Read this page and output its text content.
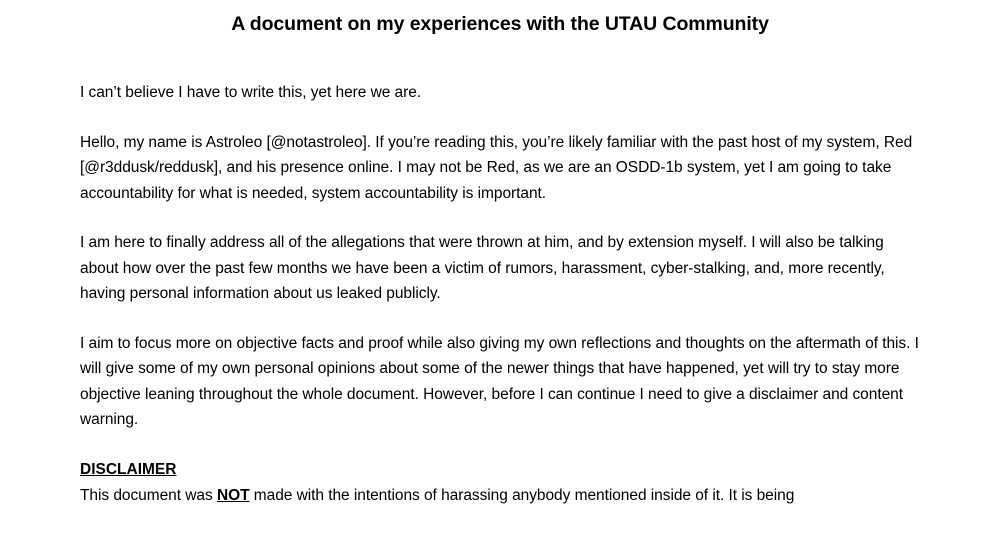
A document on my experiences with the UTAU Community

I can’t believe I have to write this, yet here we are.

Hello, my name is Astroleo [@notastroleo]. If you’re reading this, you’re likely familiar with the past host of my system, Red [@r3ddusk/reddusk], and his presence online. I may not be Red, as we are an OSDD-1b system, yet I am going to take accountability for what is needed, system accountability is important.

I am here to finally address all of the allegations that were thrown at him, and by extension myself. I will also be talking about how over the past few months we have been a victim of rumors, harassment, cyber-stalking, and, more recently, having personal information about us leaked publicly.

I aim to focus more on objective facts and proof while also giving my own reflections and thoughts on the aftermath of this. I will give some of my own personal opinions about some of the newer things that have happened, yet will try to stay more objective leaning throughout the whole document. However, before I can continue I need to give a disclaimer and content warning.

DISCLAIMER

This document was NOT made with the intentions of harassing anybody mentioned inside of it. It is being
